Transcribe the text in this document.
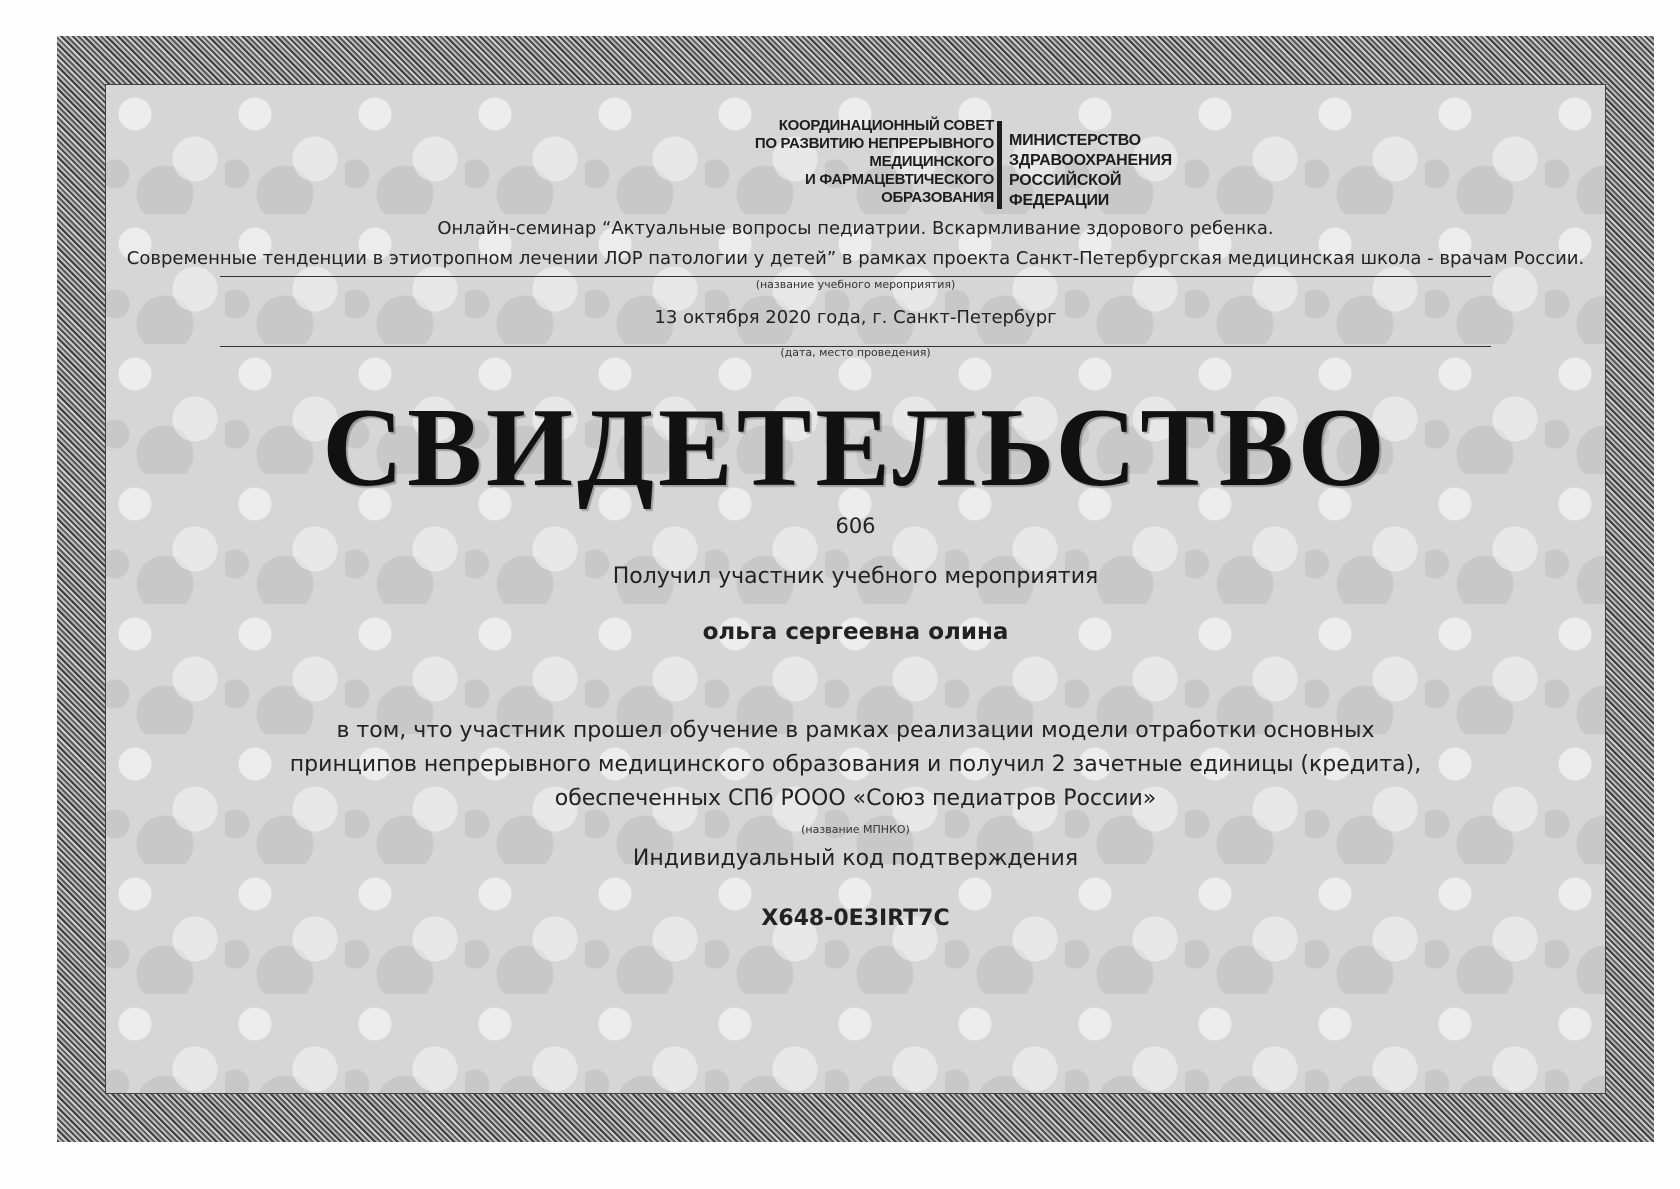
КООРДИНАЦИОННЫЙ СОВЕТ
ПО РАЗВИТИЮ НЕПРЕРЫВНОГО
МЕДИЦИНСКОГО
И ФАРМАЦЕВТИЧЕСКОГО
ОБРАЗОВАНИЯ
МИНИСТЕРСТВО
ЗДРАВООХРАНЕНИЯ
РОССИЙСКОЙ
ФЕДЕРАЦИИ
Онлайн-семинар “Актуальные вопросы педиатрии. Вскармливание здорового ребенка.
Современные тенденции в этиотропном лечении ЛОР патологии у детей” в рамках проекта Санкт-Петербургская медицинская школа - врачам России.
(название учебного мероприятия)
13 октября 2020 года, г. Санкт-Петербург
(дата, место проведения)
СВИДЕТЕЛЬСТВО
606
Получил участник учебного мероприятия
ольга сергеевна олина
в том, что участник прошел обучение в рамках реализации модели отработки основных
принципов непрерывного медицинского образования и получил 2 зачетные единицы (кредита),
обеспеченных СПб РООО «Союз педиатров России»
(название МПНКО)
Индивидуальный код подтверждения
X648-0E3IRT7C
